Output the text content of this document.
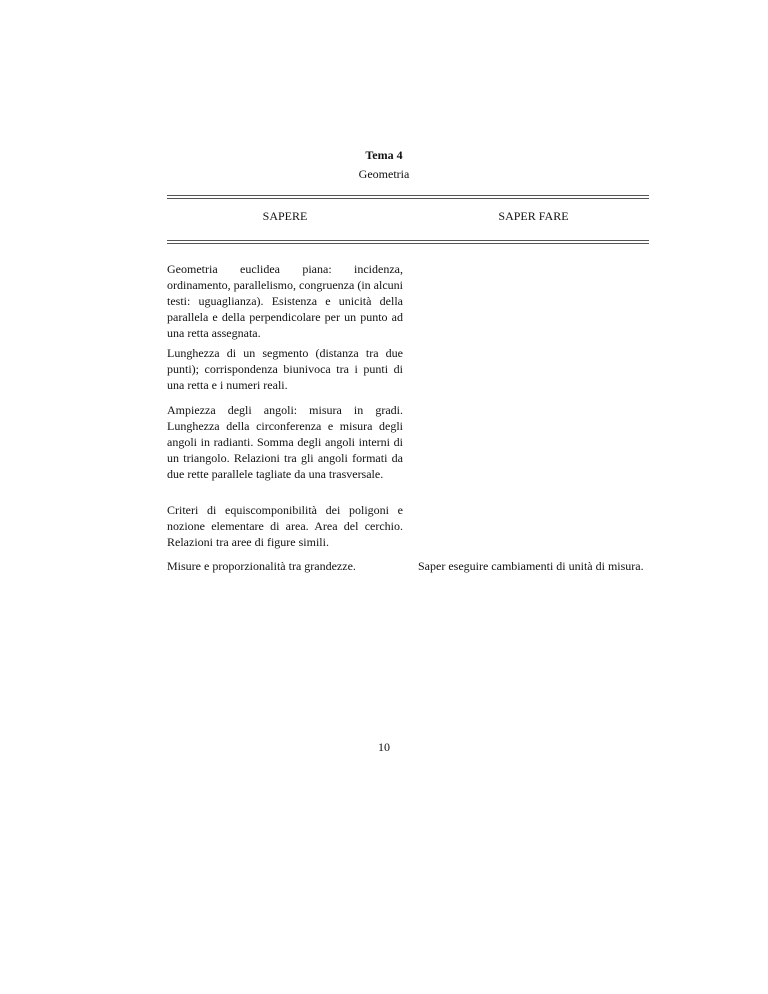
Tema 4
Geometria
SAPERE	SAPER FARE
Geometria euclidea piana: incidenza, ordinamento, parallelismo, congruenza (in alcuni testi: uguaglianza). Esistenza e unicità della parallela e della perpendicolare per un punto ad una retta assegnata.
Lunghezza di un segmento (distanza tra due punti); corrispondenza biunivoca tra i punti di una retta e i numeri reali.
Ampiezza degli angoli: misura in gradi. Lunghezza della circonferenza e misura degli angoli in radianti. Somma degli angoli interni di un triangolo. Relazioni tra gli angoli formati da due rette parallele tagliate da una trasversale.
Criteri di equiscomponibilità dei poligoni e nozione elementare di area. Area del cerchio. Relazioni tra aree di figure simili.
Misure e proporzionalità tra grandezze.	Saper eseguire cambiamenti di unità di misura.
10
